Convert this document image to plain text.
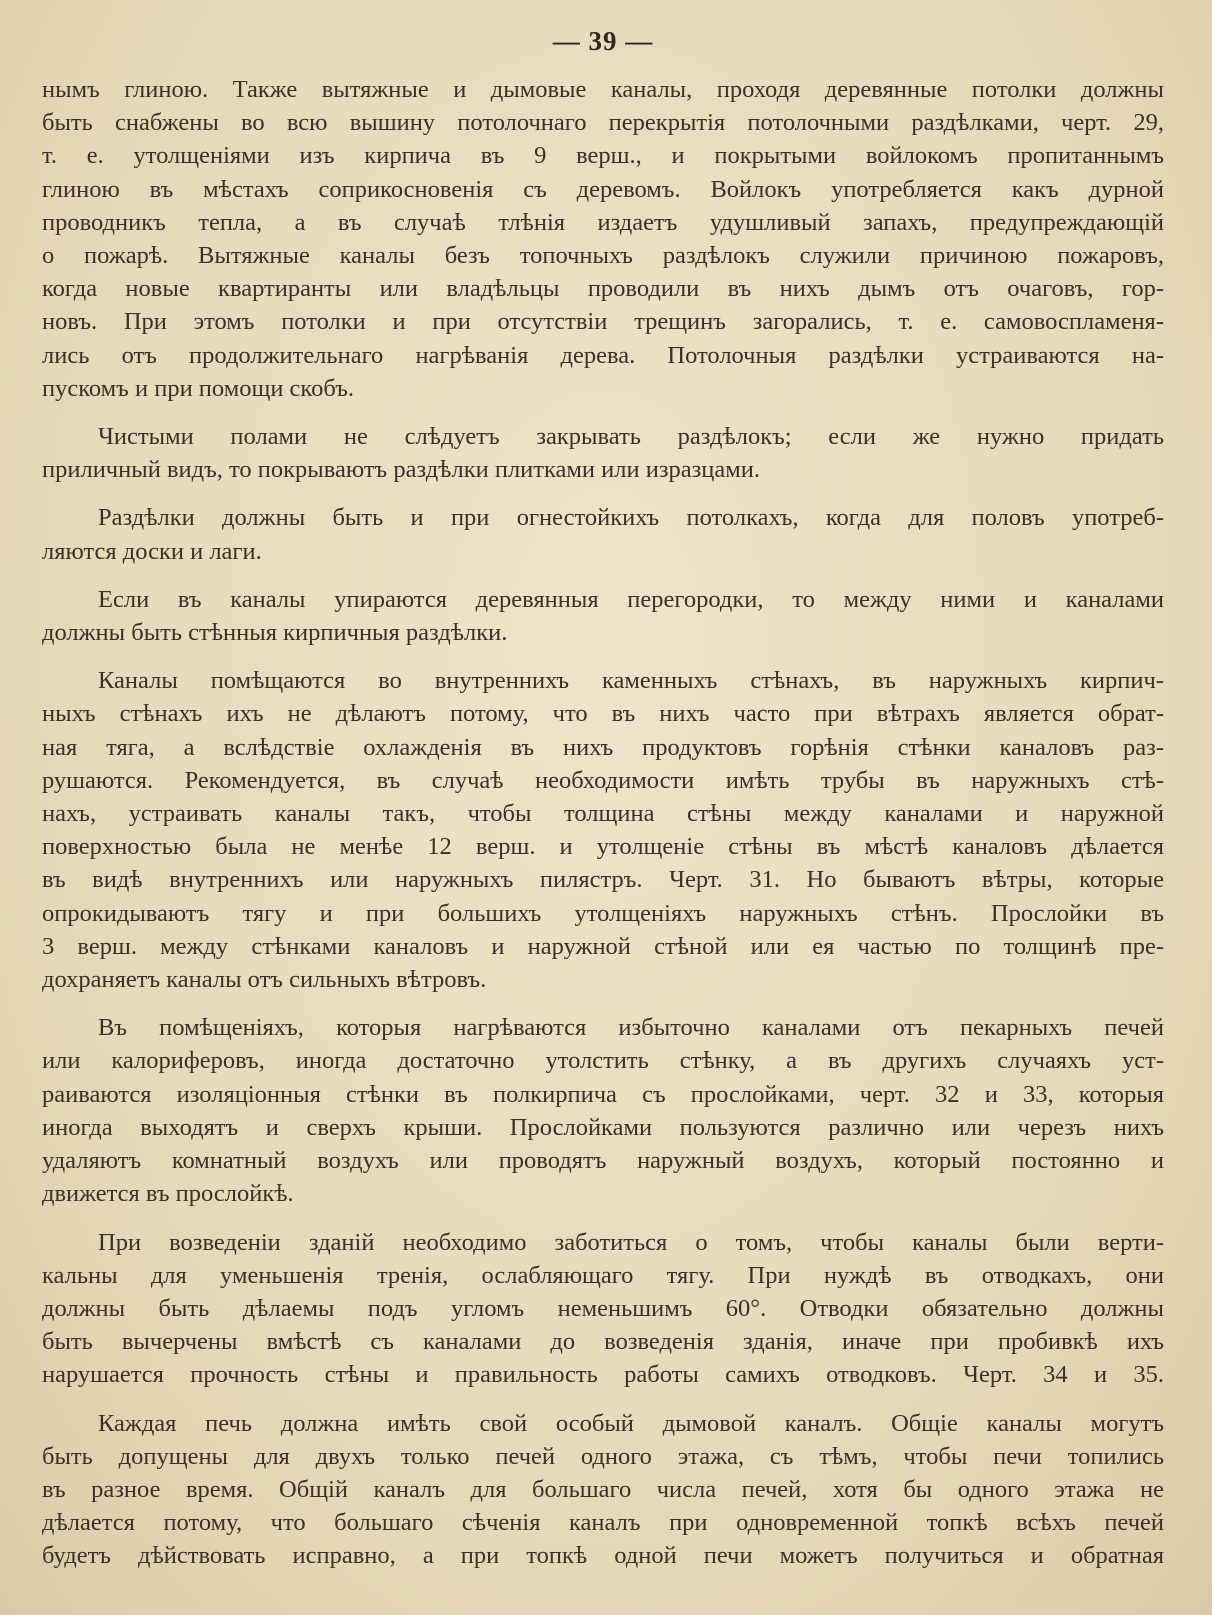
— 39 —
нымъ глиною. Также вытяжные и дымовые каналы, проходя деревянные потолки должны
быть снабжены во всю вышину потолочнаго перекрытія потолочными раздѣлками, черт. 29,
т. е. утолщеніями изъ кирпича въ 9 верш., и покрытыми войлокомъ пропитаннымъ
глиною въ мѣстахъ соприкосновенія съ деревомъ. Войлокъ употребляется какъ дурной
проводникъ тепла, а въ случаѣ тлѣнія издаетъ удушливый запахъ, предупреждающій
о пожарѣ. Вытяжные каналы безъ топочныхъ раздѣлокъ служили причиною пожаровъ,
когда новые квартиранты или владѣльцы проводили въ нихъ дымъ отъ очаговъ, гор-
новъ. При этомъ потолки и при отсутствіи трещинъ загорались, т. е. самовоспламеня-
лись отъ продолжительнаго нагрѣванія дерева. Потолочныя раздѣлки устраиваются на-
пускомъ и при помощи скобъ.
Чистыми полами не слѣдуетъ закрывать раздѣлокъ; если же нужно придать
приличный видъ, то покрываютъ раздѣлки плитками или изразцами.
Раздѣлки должны быть и при огнестойкихъ потолкахъ, когда для половъ употреб-
ляются доски и лаги.
Если въ каналы упираются деревянныя перегородки, то между ними и каналами
должны быть стѣнныя кирпичныя раздѣлки.
Каналы помѣщаются во внутреннихъ каменныхъ стѣнахъ, въ наружныхъ кирпич-
ныхъ стѣнахъ ихъ не дѣлаютъ потому, что въ нихъ часто при вѣтрахъ является обрат-
ная тяга, а вслѣдствіе охлажденія въ нихъ продуктовъ горѣнія стѣнки каналовъ раз-
рушаются. Рекомендуется, въ случаѣ необходимости имѣть трубы въ наружныхъ стѣ-
нахъ, устраивать каналы такъ, чтобы толщина стѣны между каналами и наружной
поверхностью была не менѣе 12 верш. и утолщеніе стѣны въ мѣстѣ каналовъ дѣлается
въ видѣ внутреннихъ или наружныхъ пилястръ. Черт. 31. Но бываютъ вѣтры, которые
опрокидываютъ тягу и при большихъ утолщеніяхъ наружныхъ стѣнъ. Прослойки въ
3 верш. между стѣнками каналовъ и наружной стѣной или ея частью по толщинѣ пре-
дохраняетъ каналы отъ сильныхъ вѣтровъ.
Въ помѣщеніяхъ, которыя нагрѣваются избыточно каналами отъ пекарныхъ печей
или калориферовъ, иногда достаточно утолстить стѣнку, а въ другихъ случаяхъ уст-
раиваются изоляціонныя стѣнки въ полкирпича съ прослойками, черт. 32 и 33, которыя
иногда выходятъ и сверхъ крыши. Прослойками пользуются различно или черезъ нихъ
удаляютъ комнатный воздухъ или проводятъ наружный воздухъ, который постоянно и
движется въ прослойкѣ.
При возведеніи зданій необходимо заботиться о томъ, чтобы каналы были верти-
кальны для уменьшенія тренія, ослабляющаго тягу. При нуждѣ въ отводкахъ, они
должны быть дѣлаемы подъ угломъ неменьшимъ 60°. Отводки обязательно должны
быть вычерчены вмѣстѣ съ каналами до возведенія зданія, иначе при пробивкѣ ихъ
нарушается прочность стѣны и правильность работы самихъ отводковъ. Черт. 34 и 35.
Каждая печь должна имѣть свой особый дымовой каналъ. Общіе каналы могутъ
быть допущены для двухъ только печей одного этажа, съ тѣмъ, чтобы печи топились
въ разное время. Общій каналъ для большаго числа печей, хотя бы одного этажа не
дѣлается потому, что большаго сѣченія каналъ при одновременной топкѣ всѣхъ печей
будетъ дѣйствовать исправно, а при топкѣ одной печи можетъ получиться и обратная
